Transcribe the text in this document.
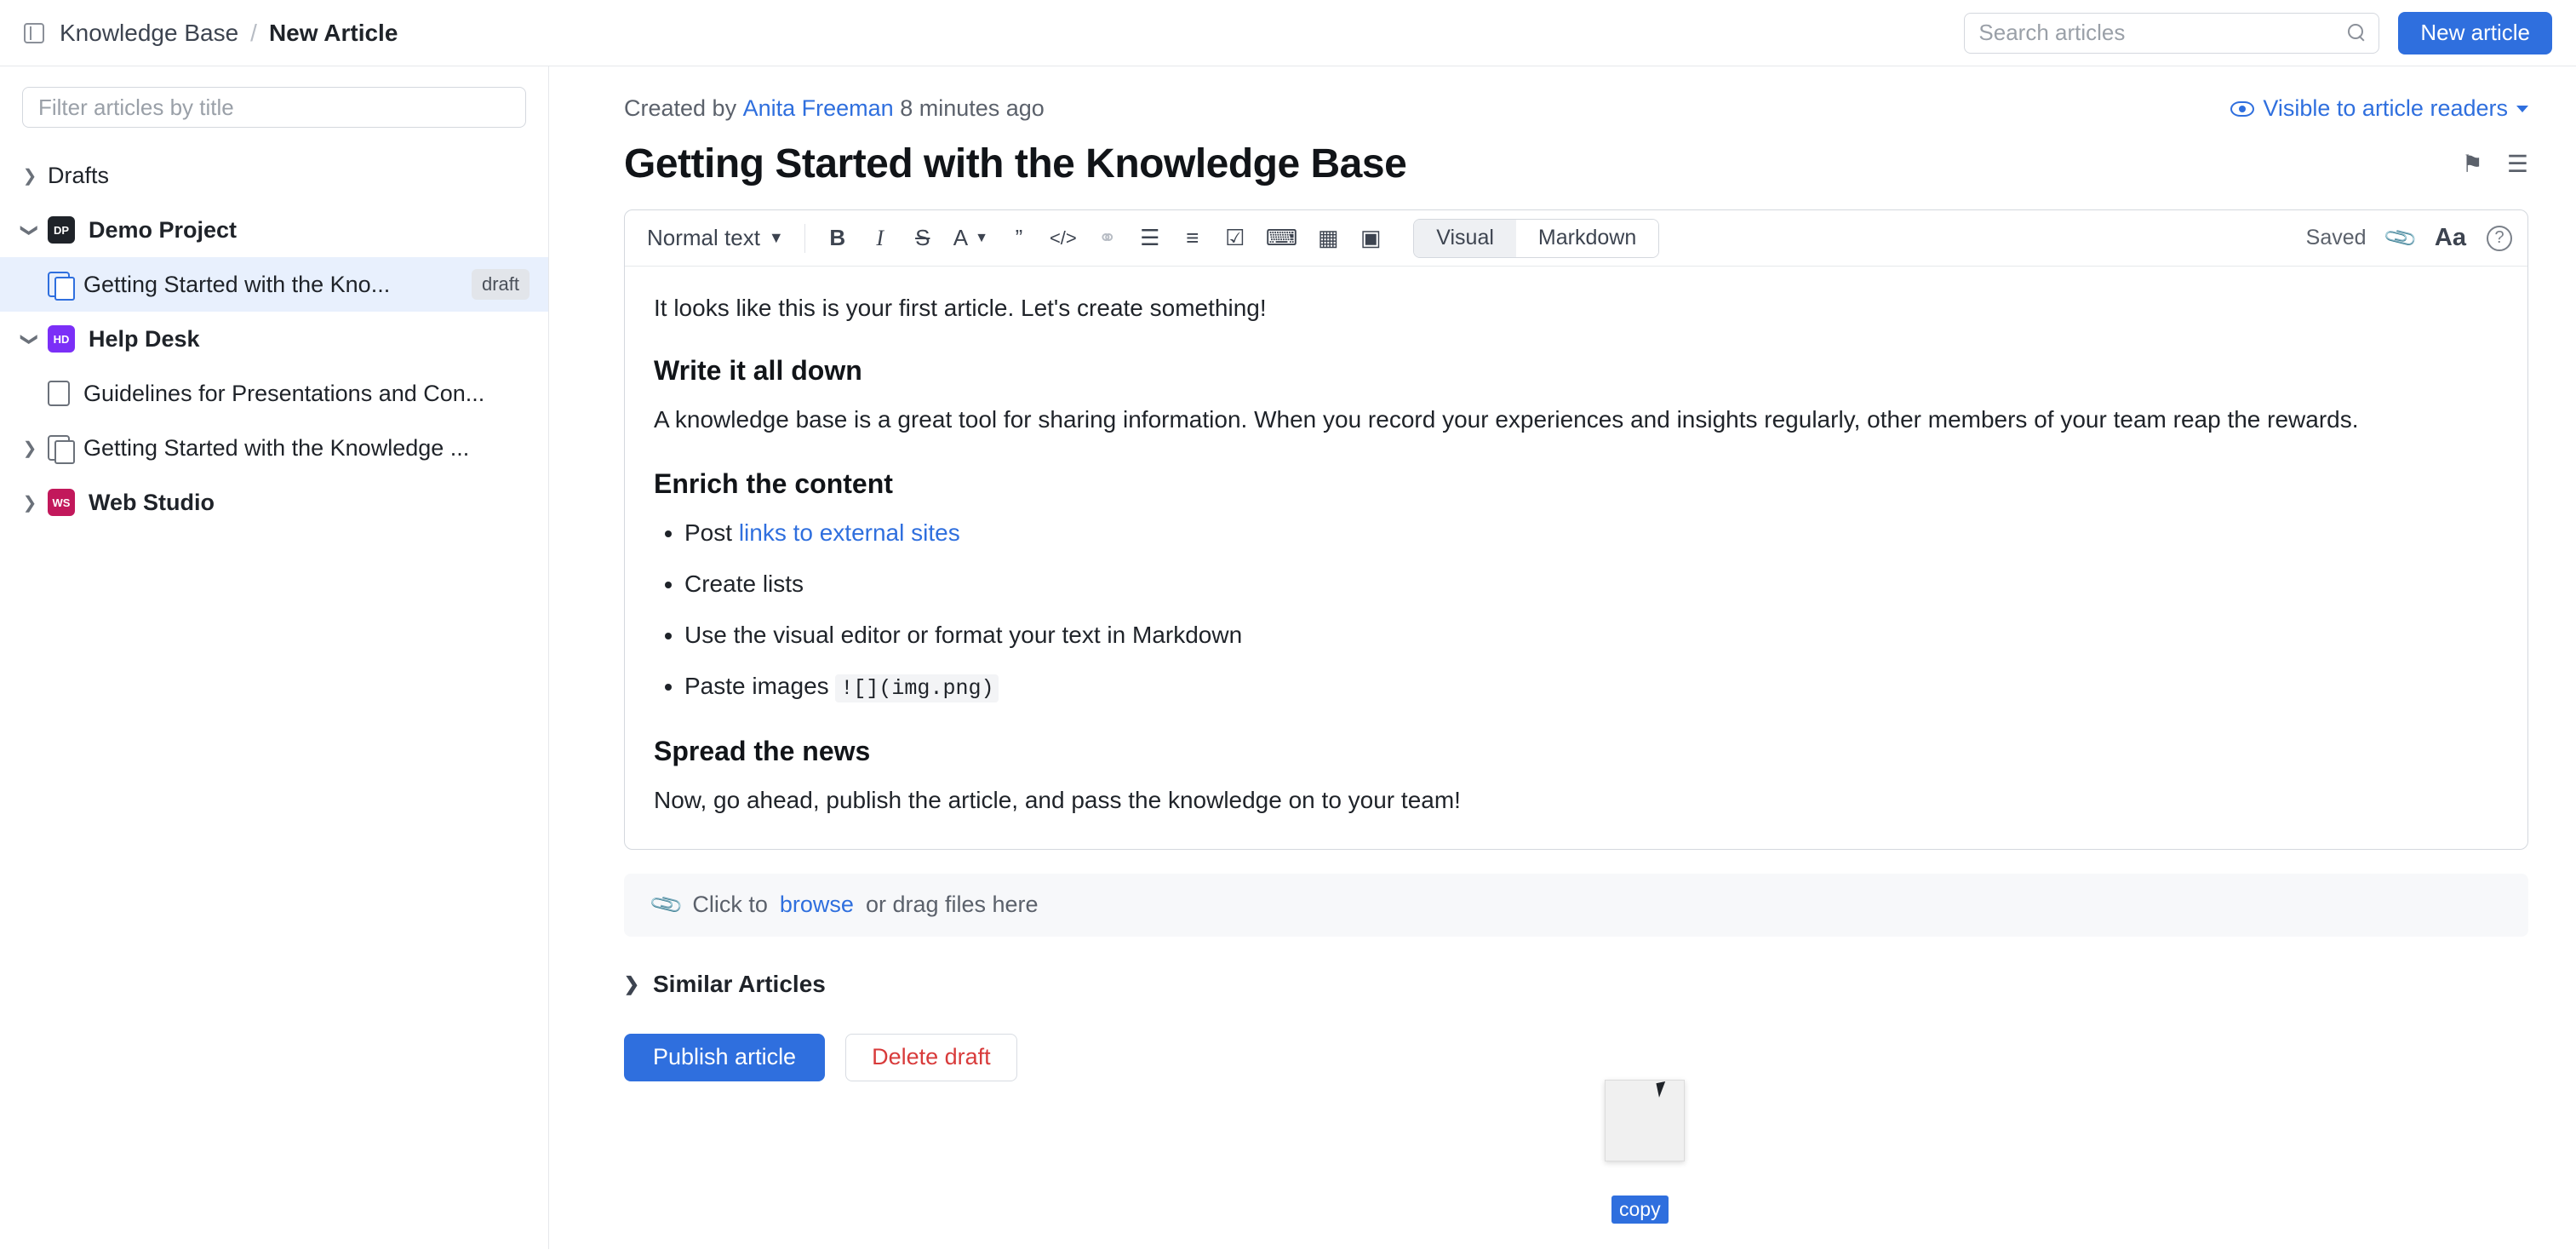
Knowledge Base / New Article
Search articles	New article
Filter articles by title
❯ Drafts
❯	DP Demo Project
Getting Started with the Kno...	draft
❯	HD Help Desk
Guidelines for Presentations and Con...
❯ Getting Started with the Knowledge ...
❯	WS Web Studio
Created by
Anita Freeman
8 minutes ago	Visible to article readers
Getting Started with the Knowledge Base	⚑ ☰
Normal text ▼	B	I	S	A ▼	”	</> ⚭	☰	≡	☑ ⌨ ▦ ▣	Visual	Markdown	Saved 📎 Aa	?

It looks like this is your first article. Let's create something!

Write it all down

A knowledge base is a great tool for sharing information. When you record your experiences and insights regularly, other members of your team reap the rewards.

Enrich the content
• Post links to external sites
• Create lists
• Use the visual editor or format your text in Markdown
• Paste images ![](img.png)
Spread the news

Now, go ahead, publish the article, and pass the knowledge on to your team!

📎 Click to browse or drag files here
❯ Similar Articles
Publish article	Delete draft
copy
